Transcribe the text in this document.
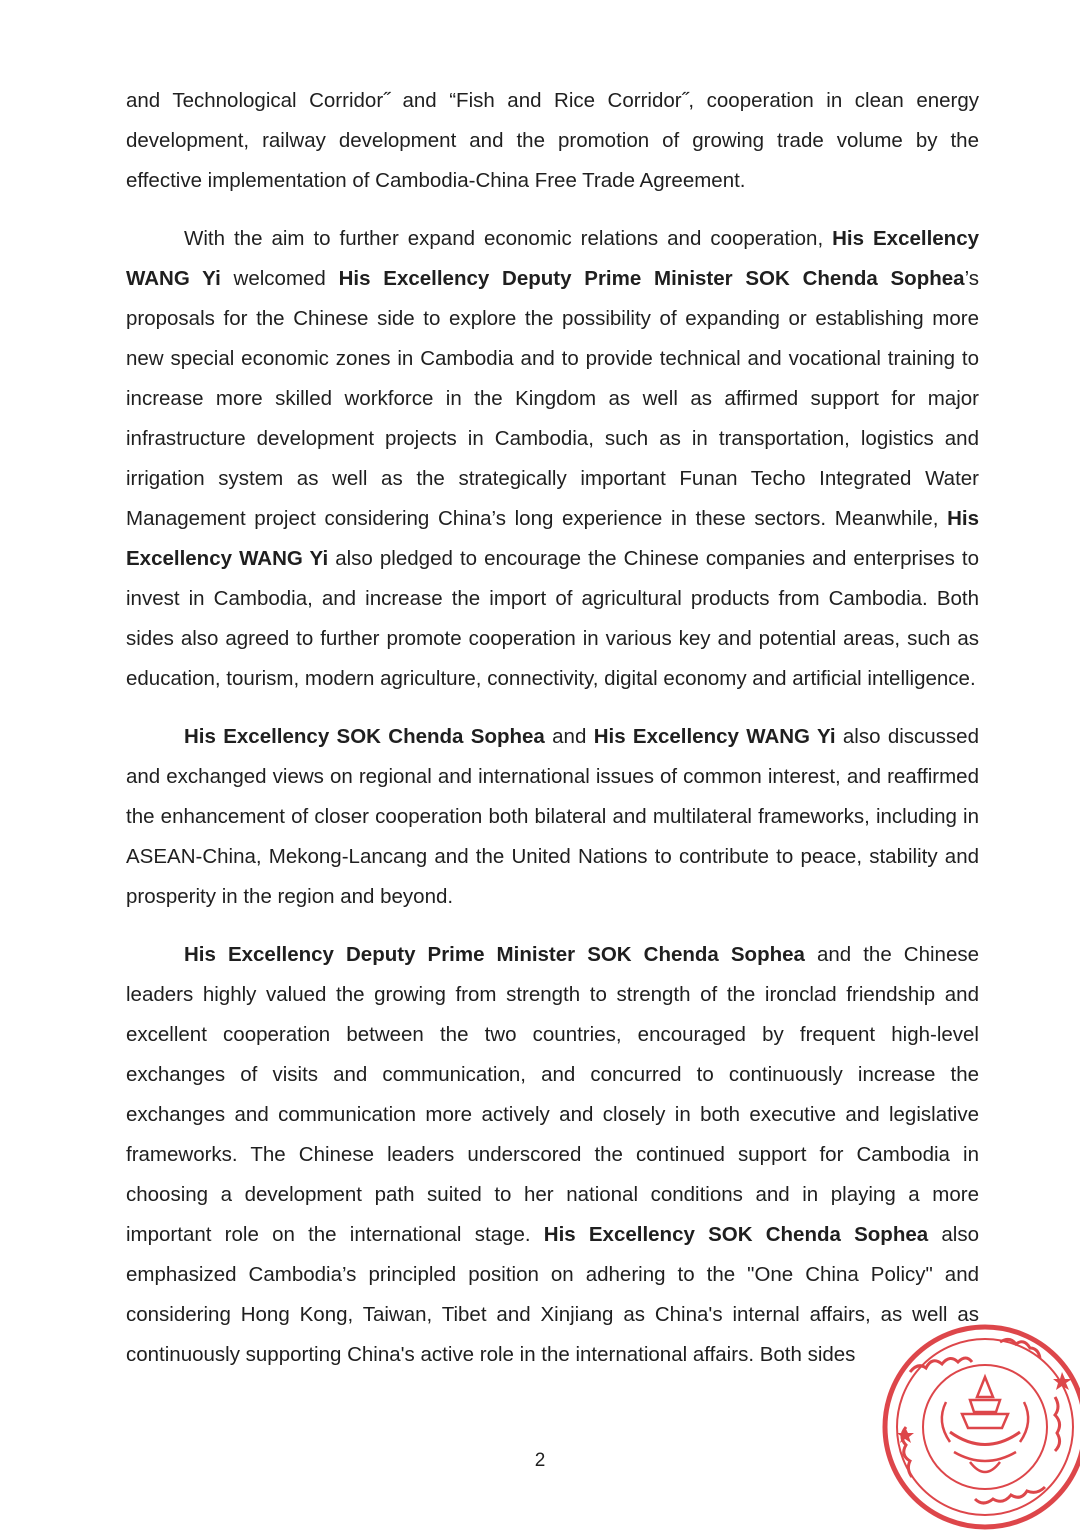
and Technological Corridor˝ and “Fish and Rice Corridor˝, cooperation in clean energy development, railway development and the promotion of growing trade volume by the effective implementation of Cambodia-China Free Trade Agreement.

With the aim to further expand economic relations and cooperation, His Excellency WANG Yi welcomed His Excellency Deputy Prime Minister SOK Chenda Sophea’s proposals for the Chinese side to explore the possibility of expanding or establishing more new special economic zones in Cambodia and to provide technical and vocational training to increase more skilled workforce in the Kingdom as well as affirmed support for major infrastructure development projects in Cambodia, such as in transportation, logistics and irrigation system as well as the strategically important Funan Techo Integrated Water Management project considering China’s long experience in these sectors. Meanwhile, His Excellency WANG Yi also pledged to encourage the Chinese companies and enterprises to invest in Cambodia, and increase the import of agricultural products from Cambodia. Both sides also agreed to further promote cooperation in various key and potential areas, such as education, tourism, modern agriculture, connectivity, digital economy and artificial intelligence.

His Excellency SOK Chenda Sophea and His Excellency WANG Yi also discussed and exchanged views on regional and international issues of common interest, and reaffirmed the enhancement of closer cooperation both bilateral and multilateral frameworks, including in ASEAN-China, Mekong-Lancang and the United Nations to contribute to peace, stability and prosperity in the region and beyond.

His Excellency Deputy Prime Minister SOK Chenda Sophea and the Chinese leaders highly valued the growing from strength to strength of the ironclad friendship and excellent cooperation between the two countries, encouraged by frequent high-level exchanges of visits and communication, and concurred to continuously increase the exchanges and communication more actively and closely in both executive and legislative frameworks. The Chinese leaders underscored the continued support for Cambodia in choosing a development path suited to her national conditions and in playing a more important role on the international stage. His Excellency SOK Chenda Sophea also emphasized Cambodia’s principled position on adhering to the "One China Policy" and considering Hong Kong, Taiwan, Tibet and Xinjiang as China's internal affairs, as well as continuously supporting China's active role in the international affairs. Both sides

2
